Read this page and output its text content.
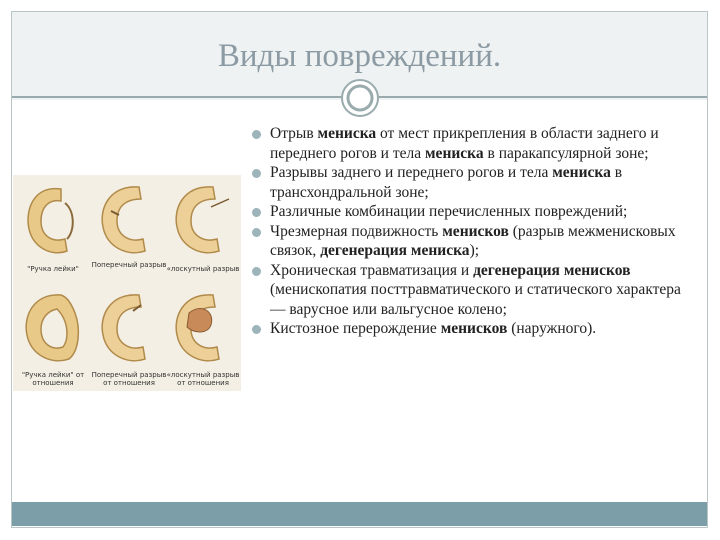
Виды повреждений.
"Ручка лейки"	Поперечный разрыв «лоскутный разрыв
"Ручка лейки" от отношения
Поперечный разрыв от отношения
«лоскутный разрыв от отношения
Отрыв мениска от мест прикрепления в области заднего и переднего рогов и тела мениска в паракапсулярной зоне;
Разрывы заднего и переднего рогов и тела мениска в трансхондральной зоне;
Различные комбинации перечисленных повреждений;
Чрезмерная подвижность менисков (разрыв межменисковых связок, дегенерация мениска);
Хроническая травматизация и дегенерация менисков (менископатия посттравматического и статического характера — варусное или вальгусное колено;
Кистозное перерождение менисков (наружного).
